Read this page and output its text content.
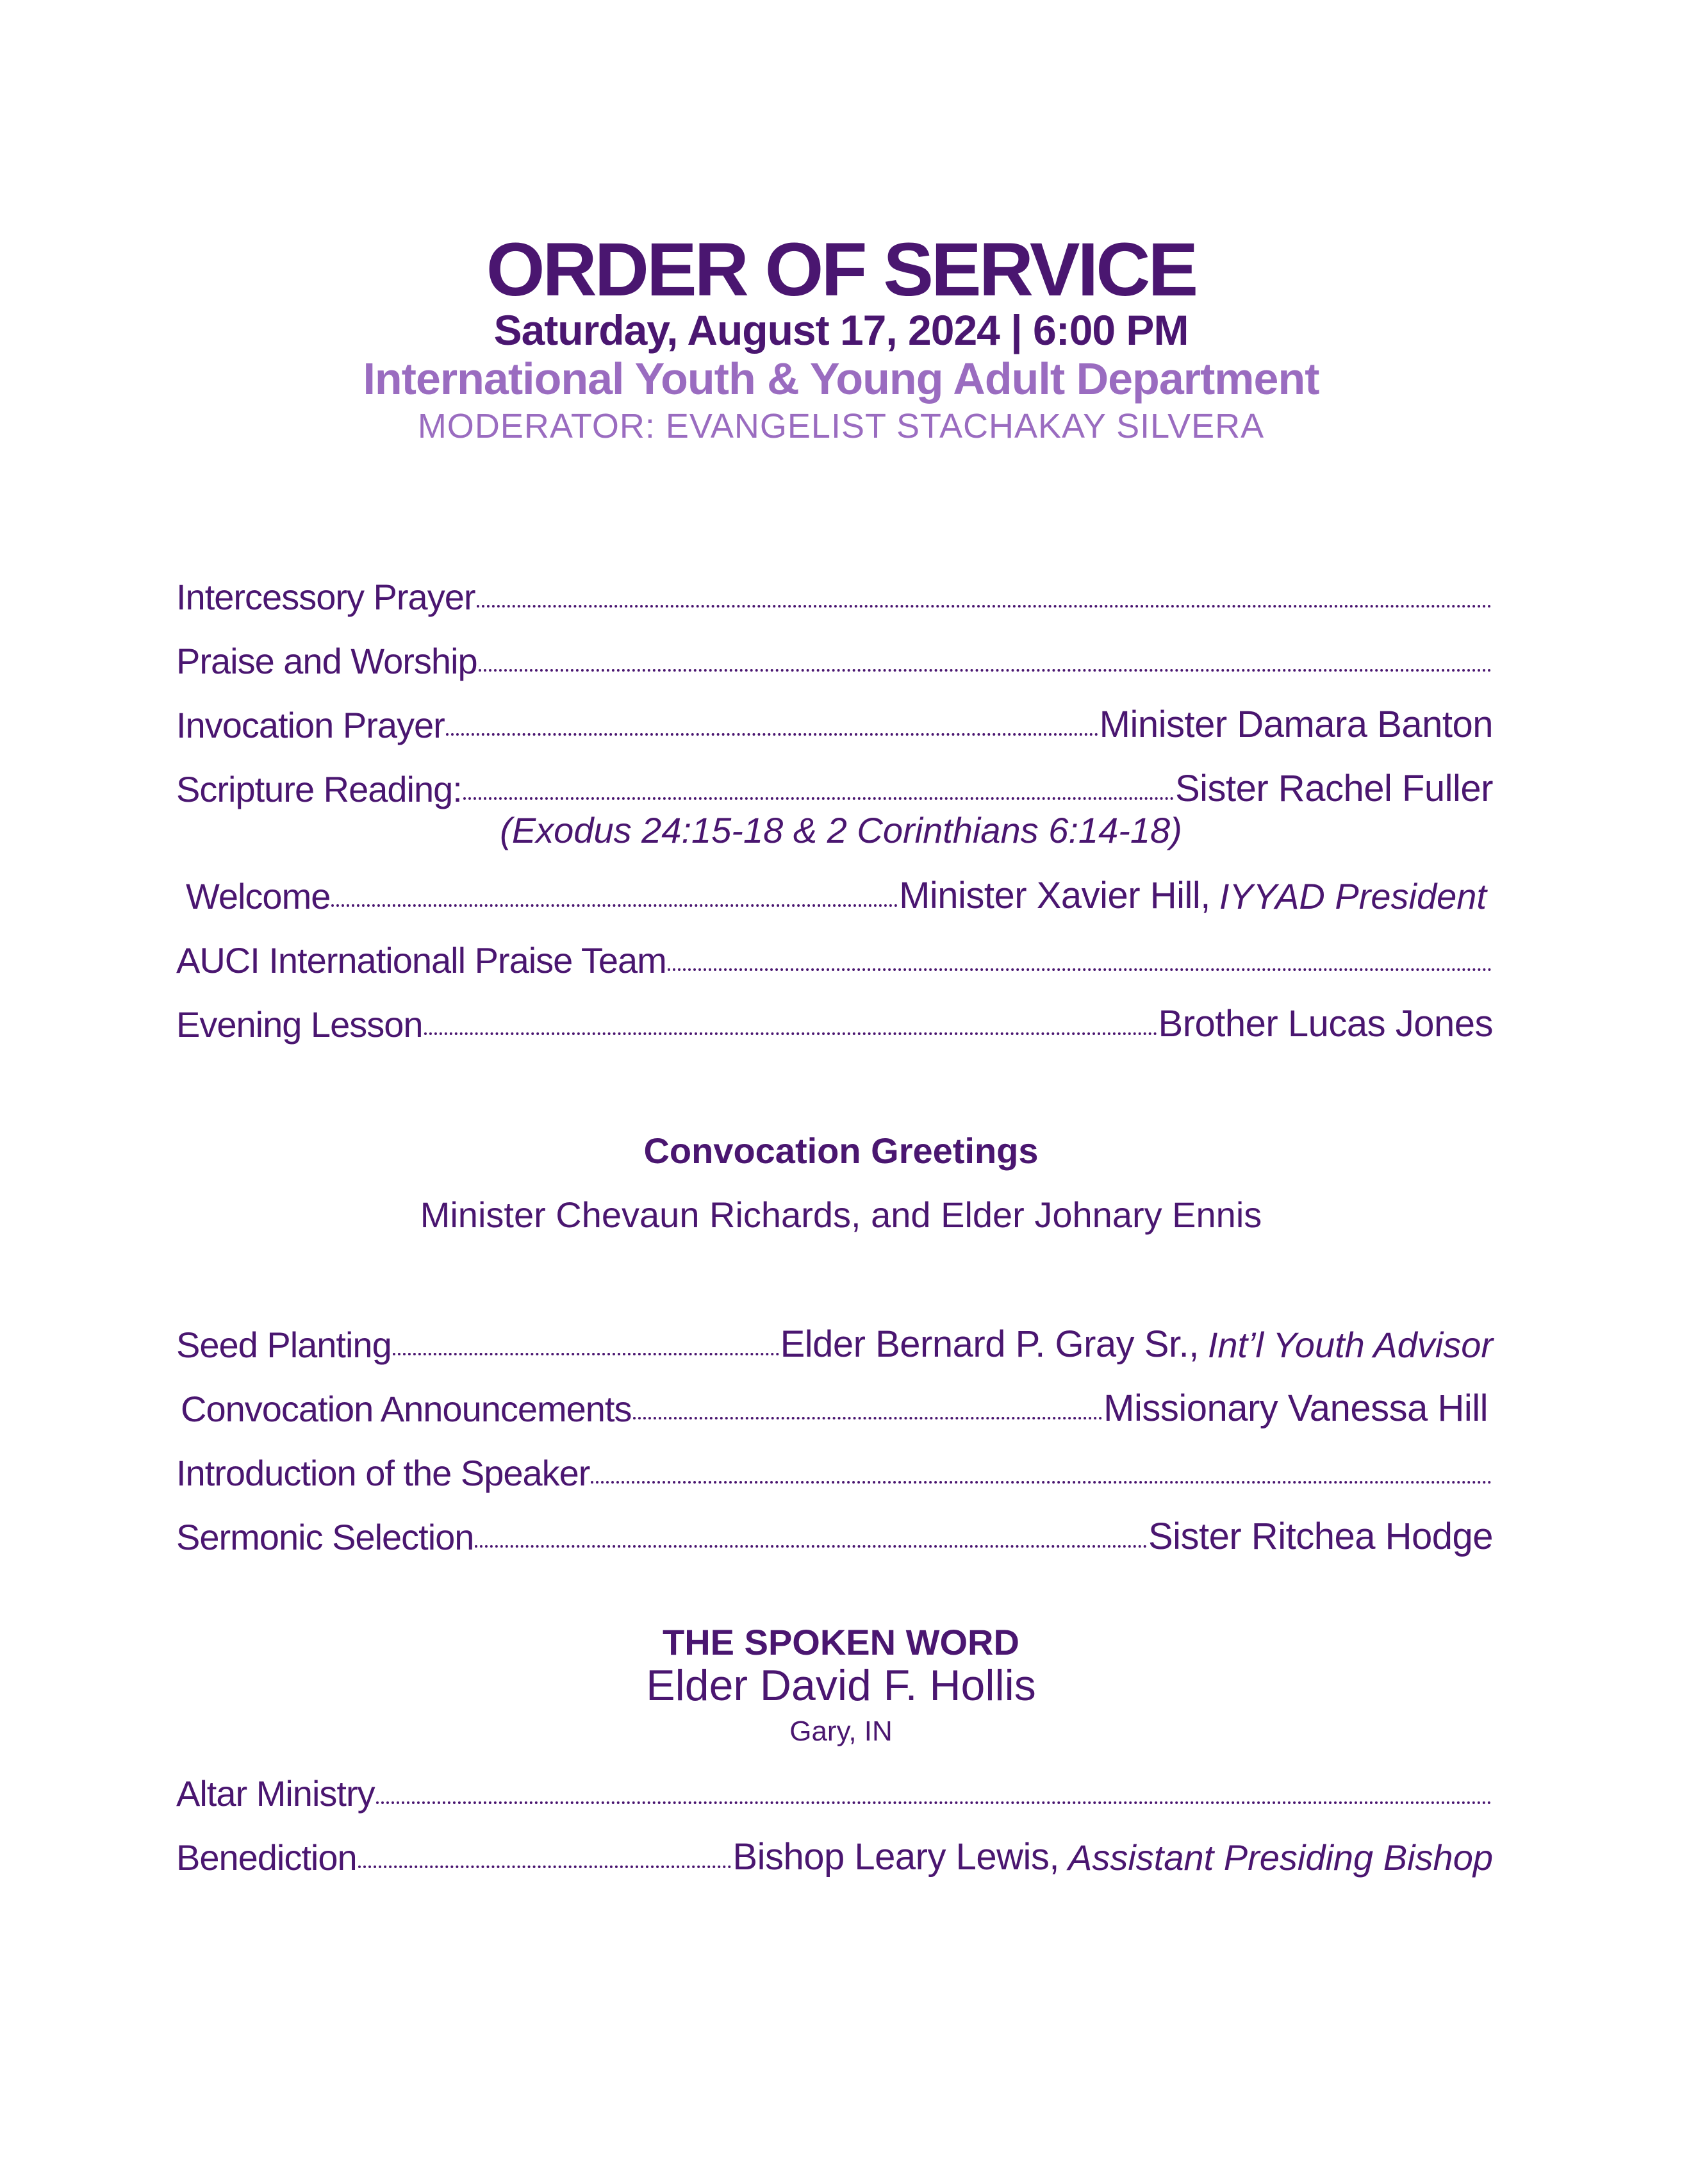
ORDER OF SERVICE
Saturday, August 17, 2024 | 6:00 PM
International Youth & Young Adult Department
MODERATOR: EVANGELIST STACHAKAY SILVERA
Intercessory Prayer
Praise and Worship
Invocation Prayer	Minister Damara Banton
Scripture Reading:	Sister Rachel Fuller
(Exodus 24:15-18 & 2 Corinthians 6:14-18)
Welcome	Minister Xavier Hill, IYYAD President
AUCI Internationall Praise Team
Evening Lesson	Brother Lucas Jones
Convocation Greetings
Minister Chevaun Richards, and Elder Johnary Ennis
Seed Planting	Elder Bernard P. Gray Sr., Int’l Youth Advisor
Convocation Announcements	Missionary Vanessa Hill
Introduction of the Speaker
Sermonic Selection	Sister Ritchea Hodge
THE SPOKEN WORD
Elder David F. Hollis
Gary, IN
Altar Ministry
Benediction	Bishop Leary Lewis, Assistant Presiding Bishop
